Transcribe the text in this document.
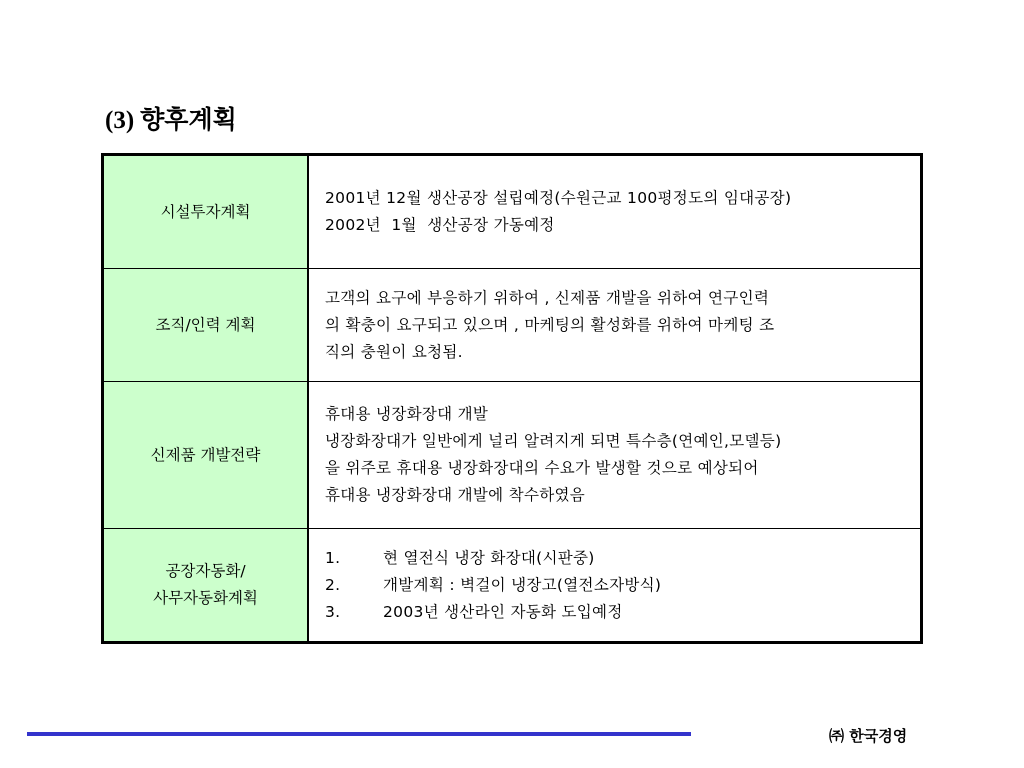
(3) 향후계획
시설투자계획	2001년 12월 생산공장 설립예정(수원근교 100평정도의 임대공장)
2002년  1월  생산공장 가동예정

조직/인력 계획	고객의 요구에 부응하기 위하여 , 신제품 개발을 위하여 연구인력
의 확충이 요구되고 있으며 , 마케팅의 활성화를 위하여 마케팅 조
직의 충원이 요청됨.

신제품 개발전략	휴대용 냉장화장대 개발
냉장화장대가 일반에게 널리 알려지게 되면 특수층(연예인,모델등)
을 위주로 휴대용 냉장화장대의 수요가 발생할 것으로 예상되어
휴대용 냉장화장대 개발에 착수하였음

공장자동화/
사무자동화계획	1. 현 열전식 냉장 화장대(시판중)
2. 개발계획 : 벽걸이 냉장고(열전소자방식)
3. 2003년 생산라인 자동화 도입예정
㈜ 한국경영
